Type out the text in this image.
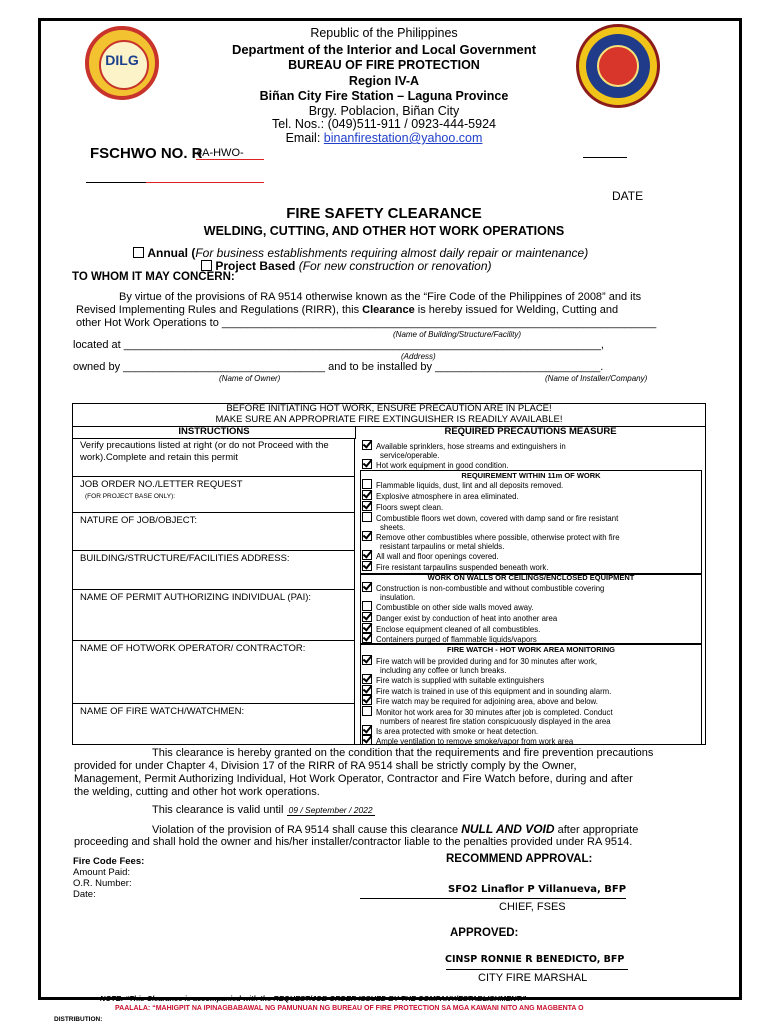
DILG
Republic of the Philippines
Department of the Interior and Local Government
BUREAU OF FIRE PROTECTION
Region IV-A
Biñan City Fire Station – Laguna Province
Brgy. Poblacion, Biñan City
Tel. Nos.: (049)511-911 / 0923-444-5924
Email: binanfirestation@yahoo.com
FSCHWO NO. R
4A-HWO-
DATE
FIRE SAFETY CLEARANCE
WELDING, CUTTING, AND OTHER HOT WORK OPERATIONS
Annual (For business establishments requiring almost daily repair or maintenance)
Project Based (For new construction or renovation)
TO WHOM IT MAY CONCERN:
By virtue of the provisions of RA 9514 otherwise known as the “Fire Code of the Philippines of 2008” and its
Revised Implementing Rules and Regulations (RIRR), this Clearance is hereby issued for Welding, Cutting and
other Hot Work Operations to _______________________________________________________________________
(Name of Building/Structure/Facility)
located at ______________________________________________________________________________,
(Address)
owned by _________________________________ and to be installed by ___________________________.
(Name of Owner)	(Name of Installer/Company)
BEFORE INITIATING HOT WORK, ENSURE PRECAUTION ARE IN PLACE!
MAKE SURE AN APPROPRIATE FIRE EXTINGUISHER IS READILY AVAILABLE!
INSTRUCTIONS	REQUIRED PRECAUTIONS MEASURE
Verify precautions listed at right (or do not Proceed with the work).Complete and retain this permit
JOB ORDER NO./LETTER REQUEST
(FOR PROJECT BASE ONLY):
NATURE OF JOB/OBJECT:
BUILDING/STRUCTURE/FACILITIES ADDRESS:
NAME OF PERMIT AUTHORIZING INDIVIDUAL (PAI):
NAME OF HOTWORK OPERATOR/ CONTRACTOR:
NAME OF FIRE WATCH/WATCHMEN:
REQUIREMENT WITHIN 11m OF WORK
WORK ON WALLS OR CEILINGS/ENCLOSED EQUIPMENT
FIRE WATCH - HOT WORK AREA MONITORING
Available sprinklers, hose streams and extinguishers in
service/operable.
Hot work equipment in good condition.
Flammable liquids, dust, lint and all deposits removed.
Explosive atmosphere in area eliminated.
Floors swept clean.
Combustible floors wet down, covered with damp sand or fire resistant
sheets.
Remove other combustibles where possible, otherwise protect with fire
resistant tarpaulins or metal shields.
All wall and floor openings covered.
Fire resistant tarpaulins suspended beneath work.
Construction is non-combustible and without combustible covering
insulation.
Combustible on other side walls moved away.
Danger exist by conduction of heat into another area
Enclose equipment cleaned of all combustibles.
Containers purged of flammable liquids/vapors
Fire watch will be provided during and for 30 minutes after work,
including any coffee or lunch breaks.
Fire watch is supplied with suitable extinguishers
Fire watch is trained in use of this equipment and in sounding alarm.
Fire watch may be required for adjoining area, above and below.
Monitor hot work area for 30 minutes after job is completed. Conduct
numbers of nearest fire station conspicuously displayed in the area
Is area protected with smoke or heat detection.
Ample ventilation to remove smoke/vapor from work area
This clearance is hereby granted on the condition that the requirements and fire prevention precautions
provided for under Chapter 4, Division 17 of the RIRR of RA 9514 shall be strictly comply by the Owner,
Management, Permit Authorizing Individual, Hot Work Operator, Contractor and Fire Watch before, during and after
the welding, cutting and other hot work operations.
This clearance is valid until 09 / September / 2022
Violation of the provision of RA 9514 shall cause this clearance NULL AND VOID after appropriate
proceeding and shall hold the owner and his/her installer/contractor liable to the penalties provided under RA 9514.
Fire Code Fees:
Amount Paid:
O.R. Number:
Date:
RECOMMEND APPROVAL:
SFO2 Linaflor P Villanueva, BFP
CHIEF, FSES
APPROVED:
CINSP RONNIE R BENEDICTO, BFP
CITY FIRE MARSHAL
NOTE: “This Clearance is accompanied with the REQUEST/JOB ORDER ISSUED BY THE COMPANY/ESTABLISHMENT.”
PAALALA: “MAHIGPIT NA IPINAGBABAWAL NG PAMUNUAN NG BUREAU OF FIRE PROTECTION SA MGA KAWANI NITO ANG MAGBENTA O
DISTRIBUTION:
